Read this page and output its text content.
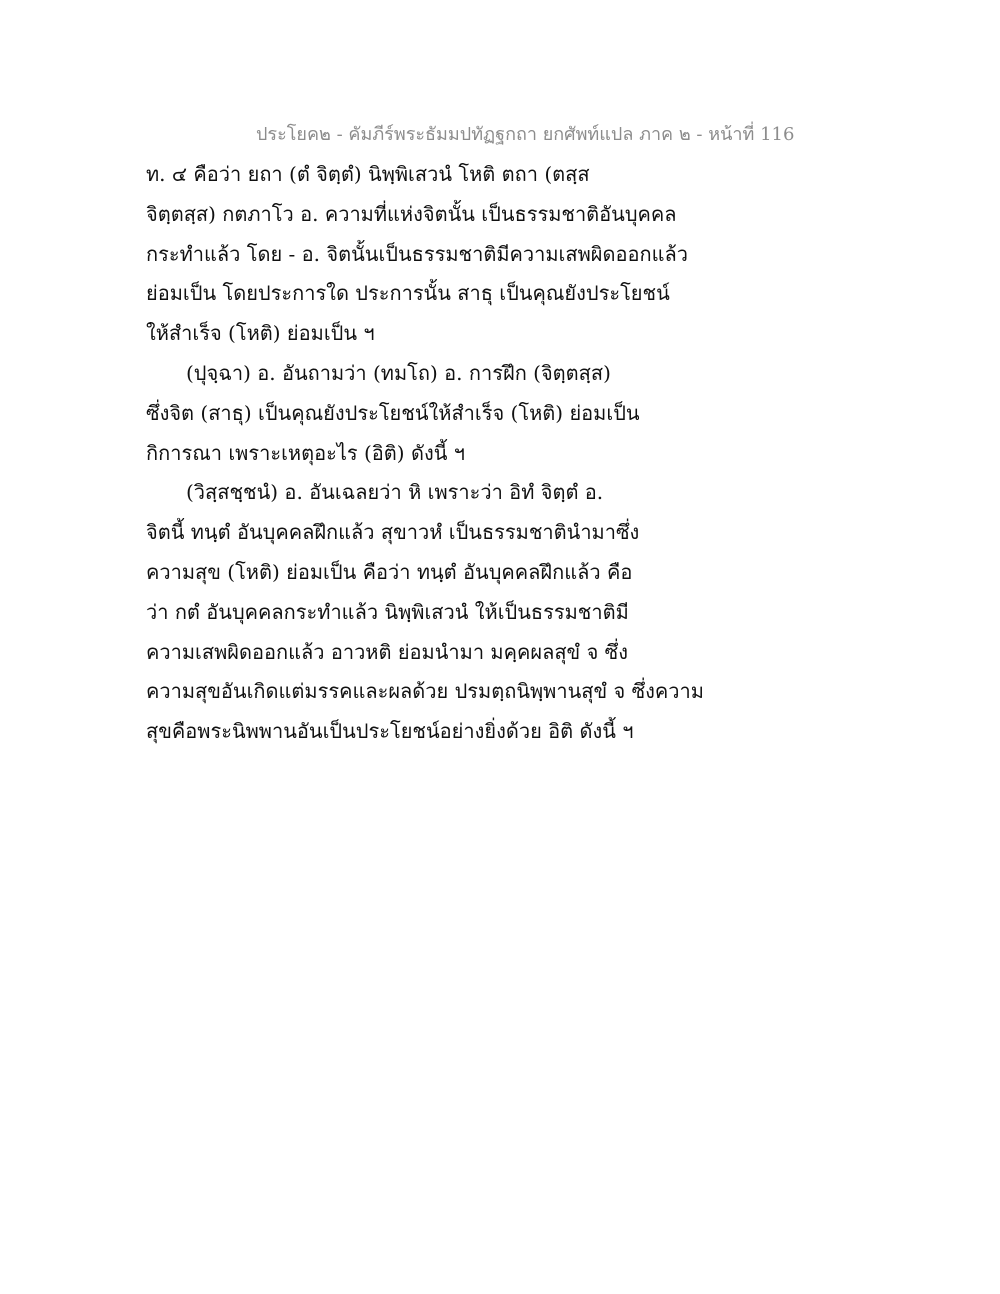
ประโยค๒ - คัมภีร์พระธัมมปทัฏฐกถา ยกศัพท์แปล ภาค ๒ - หน้าที่ 116
ท. ๔ คือว่า ยถา (ตํ จิตฺตํ) นิพฺพิเสวนํ โหติ ตถา (ตสฺส
จิตฺตสฺส) กตภาโว อ. ความที่แห่งจิตนั้น เป็นธรรมชาติอันบุคคล
กระทำแล้ว โดย - อ. จิตนั้นเป็นธรรมชาติมีความเสพผิดออกแล้ว
ย่อมเป็น โดยประการใด ประการนั้น สาธุ เป็นคุณยังประโยชน์
ให้สำเร็จ (โหติ) ย่อมเป็น ฯ
(ปุจฺฉา) อ. อันถามว่า (ทมโถ) อ. การฝึก (จิตฺตสฺส)
ซึ่งจิต (สาธุ) เป็นคุณยังประโยชน์ให้สำเร็จ (โหติ) ย่อมเป็น
กิการณา เพราะเหตุอะไร (อิติ) ดังนี้ ฯ
(วิสฺสชฺชนํ) อ. อันเฉลยว่า หิ เพราะว่า อิทํ จิตฺตํ อ.
จิตนี้ ทนฺตํ อันบุคคลฝึกแล้ว สุขาวหํ เป็นธรรมชาตินำมาซึ่ง
ความสุข (โหติ) ย่อมเป็น คือว่า ทนฺตํ อันบุคคลฝึกแล้ว คือ
ว่า กตํ อันบุคคลกระทำแล้ว นิพฺพิเสวนํ ให้เป็นธรรมชาติมี
ความเสพผิดออกแล้ว อาวหติ ย่อมนำมา มคฺคผลสุขํ จ ซึ่ง
ความสุขอันเกิดแต่มรรคและผลด้วย ปรมตฺถนิพฺพานสุขํ จ ซึ่งความ
สุขคือพระนิพพานอันเป็นประโยชน์อย่างยิ่งด้วย อิติ ดังนี้ ฯ
